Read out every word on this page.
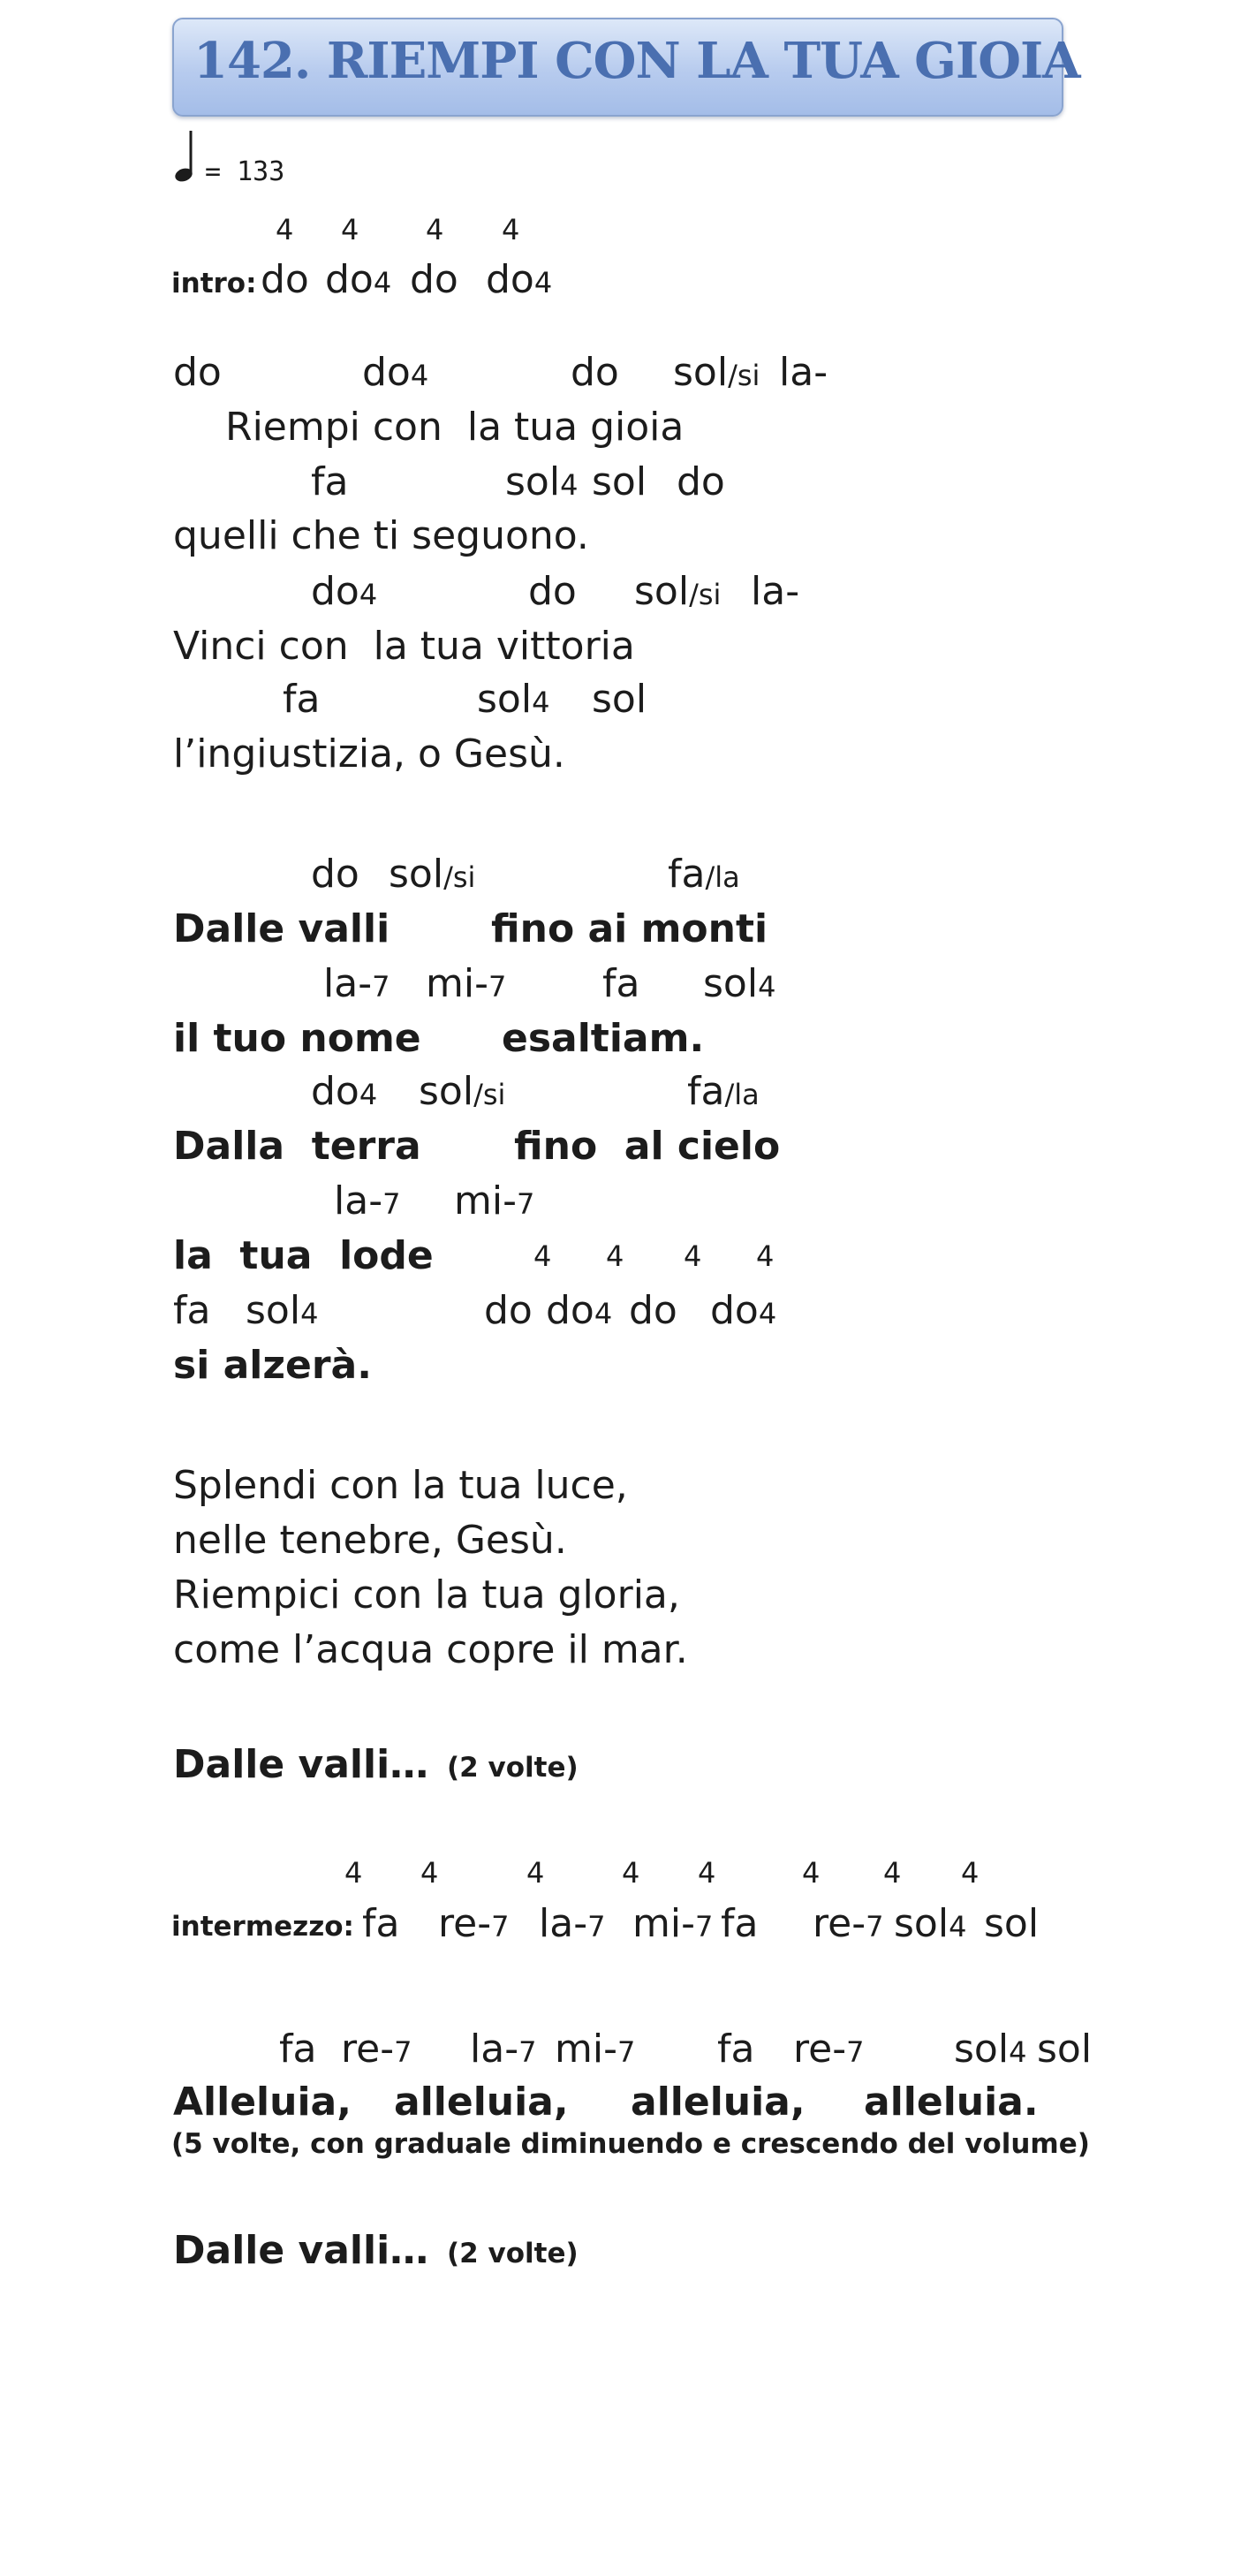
142. RIEMPI CON LA TUA GIOIA
= 133
4 4 4 4
intro: do do4 do do4
do	do4	do sol/si la-
Riempi con  la tua gioia
fa	sol4 sol do
quelli che ti seguono.
do4	do sol/si la-
Vinci con  la tua vittoria
fa	sol4 sol
l’ingiustizia, o Gesù.
do sol/si	fa/la
Dalle valli	fino ai monti
la-7 mi-7 fa sol4
il tuo nome esaltiam.
do4 sol/si	fa/la
Dalla  terra fino  al cielo
la-7 mi-7
la  tua  lode	4 4 4 4
fa sol4	do do4 do do4
si alzerà.
Splendi con la tua luce,
nelle tenebre, Gesù.
Riempici con la tua gloria,
come l’acqua copre il mar.
Dalle valli… (2 volte)
4 4	4	4 4	4 4 4
intermezzo: fa re-7 la-7 mi-7 fa re-7 sol4 sol
fa re-7 la-7 mi-7 fa re-7 sol4 sol
Alleluia, alleluia, alleluia, alleluia.
(5 volte, con graduale diminuendo e crescendo del volume)
Dalle valli… (2 volte)
